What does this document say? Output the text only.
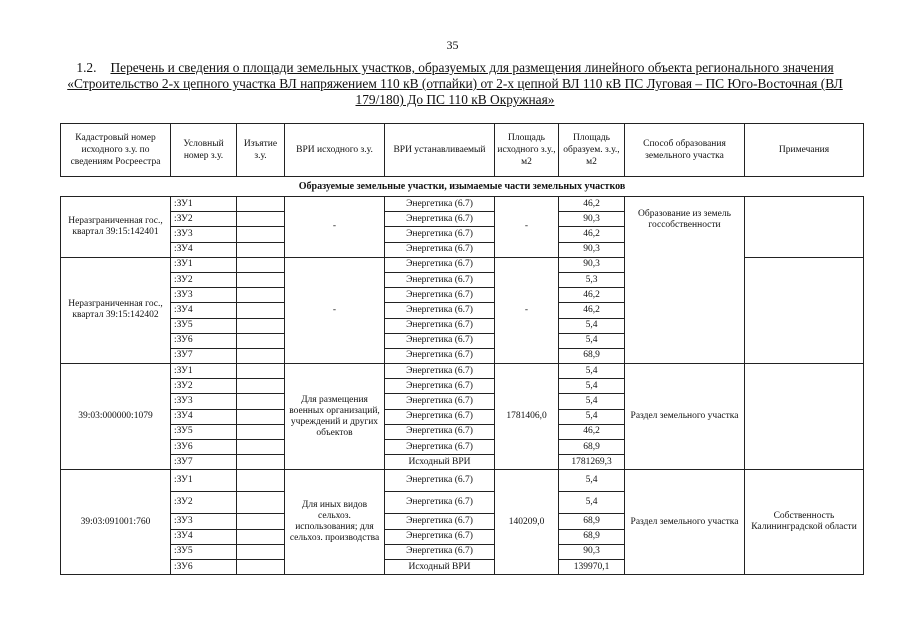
35
1.2. Перечень и сведения о площади земельных участков, образуемых для размещения линейного объекта регионального значения «Строительство 2-х цепного участка ВЛ напряжением 110 кВ (отпайки) от 2-х цепной ВЛ 110 кВ ПС Луговая – ПС Юго-Восточная (ВЛ 179/180) До ПС 110 кВ Окружная»
Кадастровый номер исходного з.у. по сведениям Росреестра	Условный номер з.у.	Изъятие з.у.	ВРИ исходного з.у.	ВРИ устанавливаемый	Площадь исходного з.у., м2	Площадь образуем. з.у., м2	Способ образования земельного участка	Примечания
Образуемые земельные участки, изымаемые части земельных участков								
Неразграниченная гос., квартал 39:15:142401	:ЗУ1		-	Энергетика (6.7)	-	46,2	Образование из земель госсобственности	
	:ЗУ2			Энергетика (6.7)		90,3		
	:ЗУ3			Энергетика (6.7)		46,2		
	:ЗУ4			Энергетика (6.7)		90,3		
Неразграниченная гос., квартал 39:15:142402	:ЗУ1		-	Энергетика (6.7)	-	90,3		
	:ЗУ2			Энергетика (6.7)		5,3		
	:ЗУ3			Энергетика (6.7)		46,2		
	:ЗУ4			Энергетика (6.7)		46,2		
	:ЗУ5			Энергетика (6.7)		5,4		
	:ЗУ6			Энергетика (6.7)		5,4		
	:ЗУ7			Энергетика (6.7)		68,9		
39:03:000000:1079	:ЗУ1		Для размещения военных организаций, учреждений и других объектов	Энергетика (6.7)	1781406,0	5,4	Раздел земельного участка	
	:ЗУ2			Энергетика (6.7)		5,4		
	:ЗУ3			Энергетика (6.7)		5,4		
	:ЗУ4			Энергетика (6.7)		5,4		
	:ЗУ5			Энергетика (6.7)		46,2		
	:ЗУ6			Энергетика (6.7)		68,9		
	:ЗУ7			Исходный ВРИ		1781269,3		
39:03:091001:760	:ЗУ1		Для иных видов сельхоз. использования; для сельхоз. производства	Энергетика (6.7)	140209,0	5,4	Раздел земельного участка	Собственность Калининградской области
	:ЗУ2			Энергетика (6.7)		5,4		
	:ЗУ3			Энергетика (6.7)		68,9		
	:ЗУ4			Энергетика (6.7)		68,9		
	:ЗУ5			Энергетика (6.7)		90,3		
	:ЗУ6			Исходный ВРИ		139970,1		
